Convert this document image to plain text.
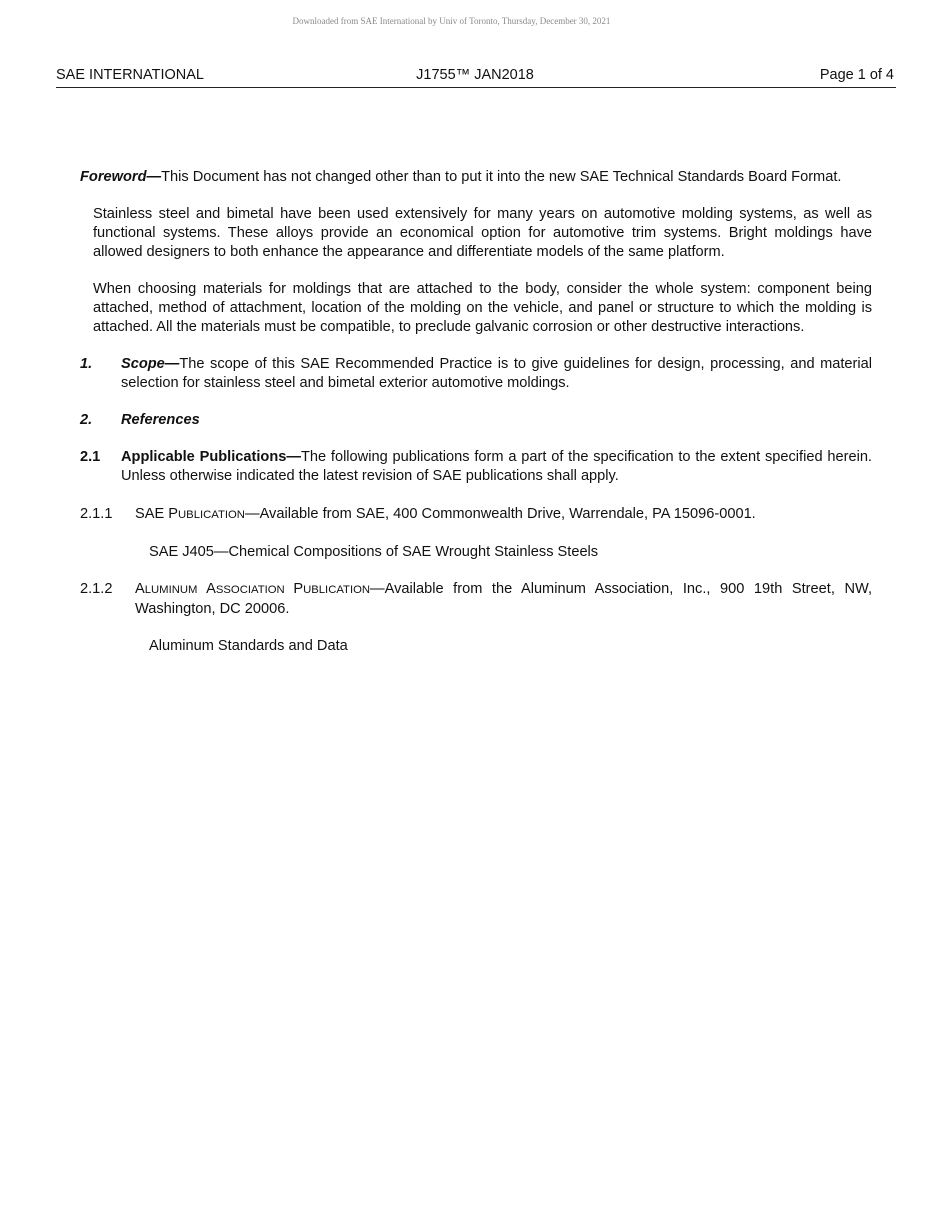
Downloaded from SAE International by Univ of Toronto, Thursday, December 30, 2021
SAE INTERNATIONAL	J1755™ JAN2018	Page 1 of 4

Foreword—This Document has not changed other than to put it into the new SAE Technical Standards Board Format.

Stainless steel and bimetal have been used extensively for many years on automotive molding systems, as well as functional systems. These alloys provide an economical option for automotive trim systems. Bright moldings have allowed designers to both enhance the appearance and differentiate models of the same platform.

When choosing materials for moldings that are attached to the body, consider the whole system: component being attached, method of attachment, location of the molding on the vehicle, and panel or structure to which the molding is attached. All the materials must be compatible, to preclude galvanic corrosion or other destructive interactions.

1. Scope—The scope of this SAE Recommended Practice is to give guidelines for design, processing, and material selection for stainless steel and bimetal exterior automotive moldings.
2. References
2.1 Applicable Publications—The following publications form a part of the specification to the extent specified herein. Unless otherwise indicated the latest revision of SAE publications shall apply.
2.1.1 SAE PUBLICATION—Available from SAE, 400 Commonwealth Drive, Warrendale, PA 15096-0001.
SAE J405—Chemical Compositions of SAE Wrought Stainless Steels
2.1.2 ALUMINUM ASSOCIATION PUBLICATION—Available from the Aluminum Association, Inc., 900 19th Street, NW, Washington, DC 20006.
Aluminum Standards and Data
